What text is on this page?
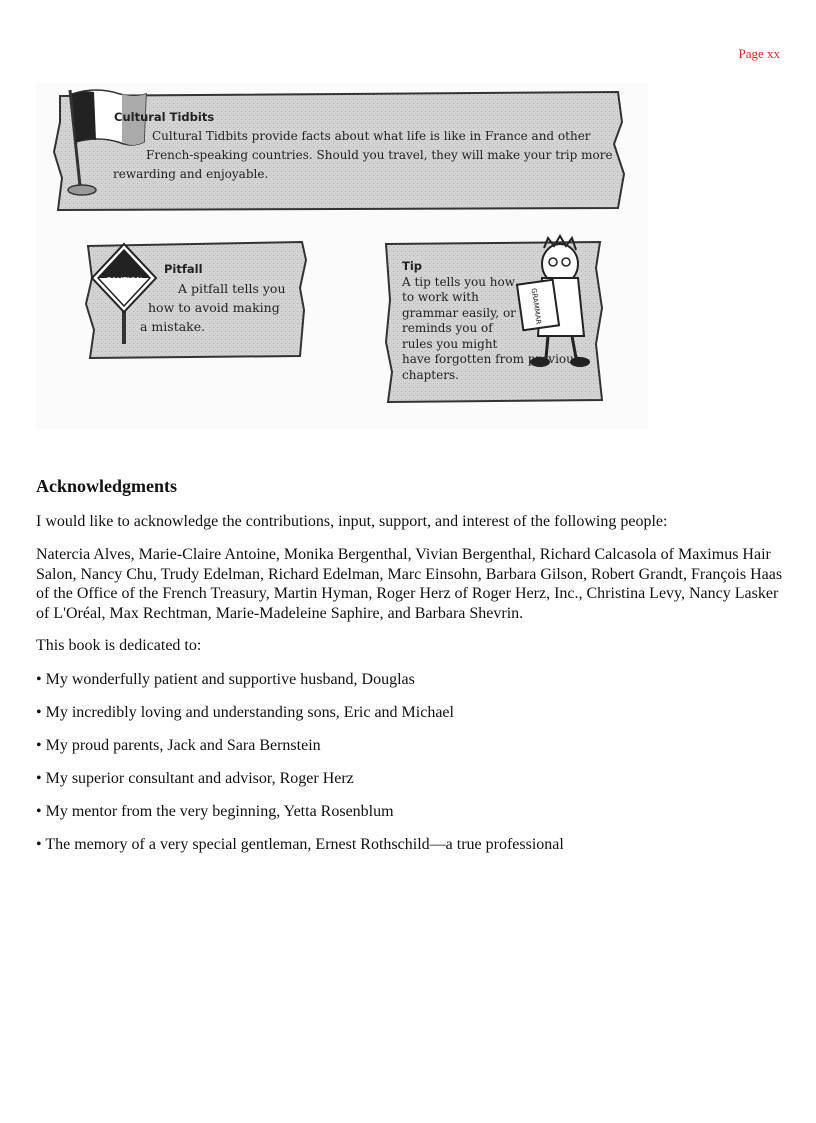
Page xx
CAUTION
GRAMMAR
Cultural Tidbits
Cultural Tidbits provide facts about what life is like in France and other
French-speaking countries. Should you travel, they will make your trip more
rewarding and enjoyable.
Pitfall
A pitfall tells you
how to avoid making
a mistake.
Tip
A tip tells you how
to work with
grammar easily, or
reminds you of
rules you might
have forgotten from previous
chapters.
Acknowledgments

I would like to acknowledge the contributions, input, support, and interest of the following people:

Natercia Alves, Marie-Claire Antoine, Monika Bergenthal, Vivian Bergenthal, Richard Calcasola of Maximus Hair Salon, Nancy Chu, Trudy Edelman, Richard Edelman, Marc Einsohn, Barbara Gilson, Robert Grandt, François Haas of the Office of the French Treasury, Martin Hyman, Roger Herz of Roger Herz, Inc., Christina Levy, Nancy Lasker of L'Oréal, Max Rechtman, Marie-Madeleine Saphire, and Barbara Shevrin.

This book is dedicated to:

• My wonderfully patient and supportive husband, Douglas

• My incredibly loving and understanding sons, Eric and Michael

• My proud parents, Jack and Sara Bernstein

• My superior consultant and advisor, Roger Herz

• My mentor from the very beginning, Yetta Rosenblum

• The memory of a very special gentleman, Ernest Rothschild—a true professional
